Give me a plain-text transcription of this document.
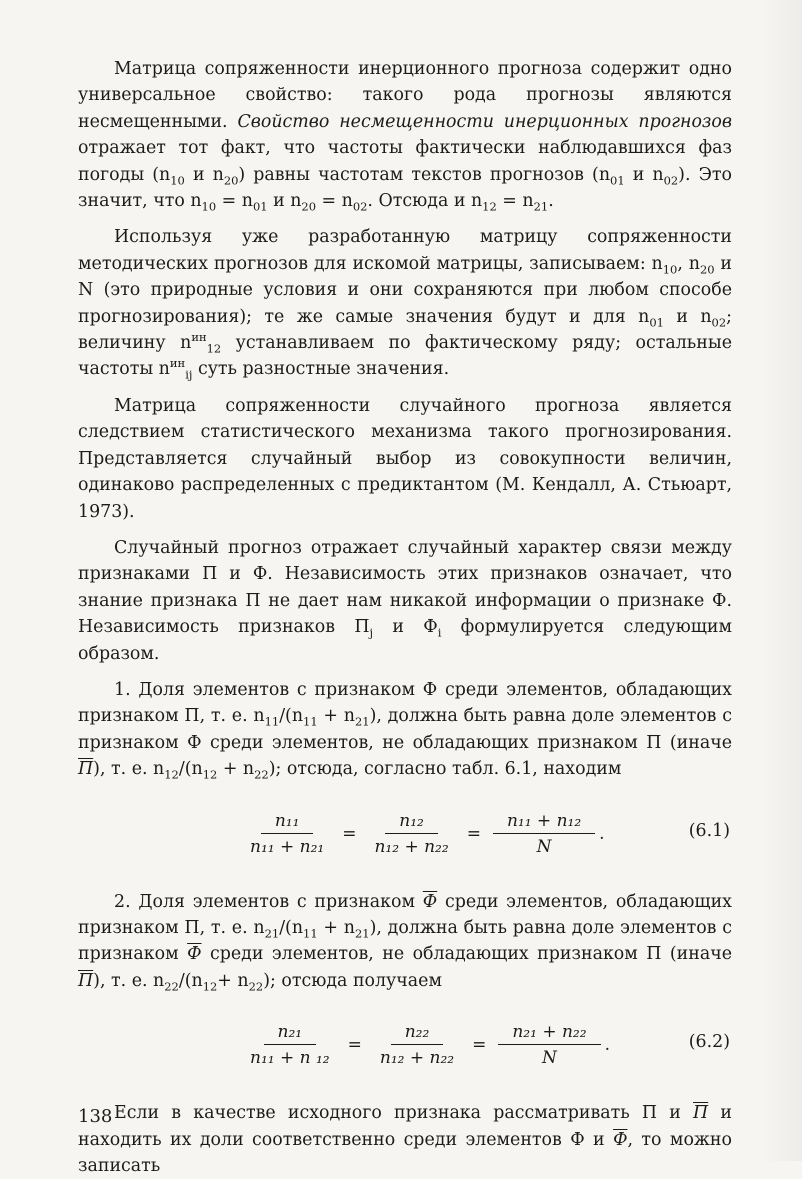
Матрица сопряженности инерционного прогноза содержит одно универсальное свойство: такого рода прогнозы являются несмещенными. Свойство несмещенности инерционных прогнозов отражает тот факт, что частоты фактически наблюдавшихся фаз погоды ($n_{10}$ и $n_{20}$) равны частотам текстов прогнозов ($n_{01}$ и $n_{02}$). Это значит, что $n_{10} = n_{01}$ и $n_{20} = n_{02}$. Отсюда и $n_{12} = n_{21}$.

Используя уже разработанную матрицу сопряженности методических прогнозов для искомой матрицы, записываем: $n_{10}$, $n_{20}$ и N (это природные условия и они сохраняются при любом способе прогнозирования); те же самые значения будут и для $n_{01}$ и $n_{02}$; величину $n^{ин}_{12}$ устанавливаем по фактическому ряду; остальные частоты $n^{ин}_{ij}$ суть разностные значения.

Матрица сопряженности случайного прогноза является следствием статистического механизма такого прогнозирования. Представляется случайный выбор из совокупности величин, одинаково распределенных с предиктантом (М. Кендалл, А. Стьюарт, 1973).

Случайный прогноз отражает случайный характер связи между признаками П и Ф. Независимость этих признаков означает, что знание признака П не дает нам никакой информации о признаке Ф. Независимость признаков $П_j$ и $Ф_i$ формулируется следующим образом.

1. Доля элементов с признаком Ф среди элементов, обладающих признаком П, т. е. $n_{11}/(n_{11} + n_{21})$, должна быть равна доле элементов с признаком Ф среди элементов, не обладающих признаком П (иначе П), т. е. $n_{12}/(n_{12} + n_{22})$; отсюда, согласно табл. 6.1, находим

$\frac{\text{n₁₁}}{\text{n₁₁ + n₂₁}} = \frac{\text{n₁₂}}{\text{n₁₂ + n₂₂}} = \frac{\text{n₁₁ + n₁₂}}{N}$ .	(6.1)

2. Доля элементов с признаком Ф среди элементов, обладающих признаком П, т. е. $n_{21}/(n_{11} + n_{21})$, должна быть равна доле элементов с признаком Ф среди элементов, не обладающих признаком П (иначе П), т. е. $n_{22}/(n_{12}+ n_{22})$; отсюда получаем

$\frac{\text{n₂₁}}{\text{n₁₁ + n ₁₂}} = \frac{\text{n₂₂}}{\text{n₁₂ + n₂₂}} = \frac{\text{n₂₁ + n₂₂}}{N}$ .	(6.2)

Если в качестве исходного признака рассматривать П и П и находить их доли соответственно среди элементов Ф и Ф, то можно записать

138
